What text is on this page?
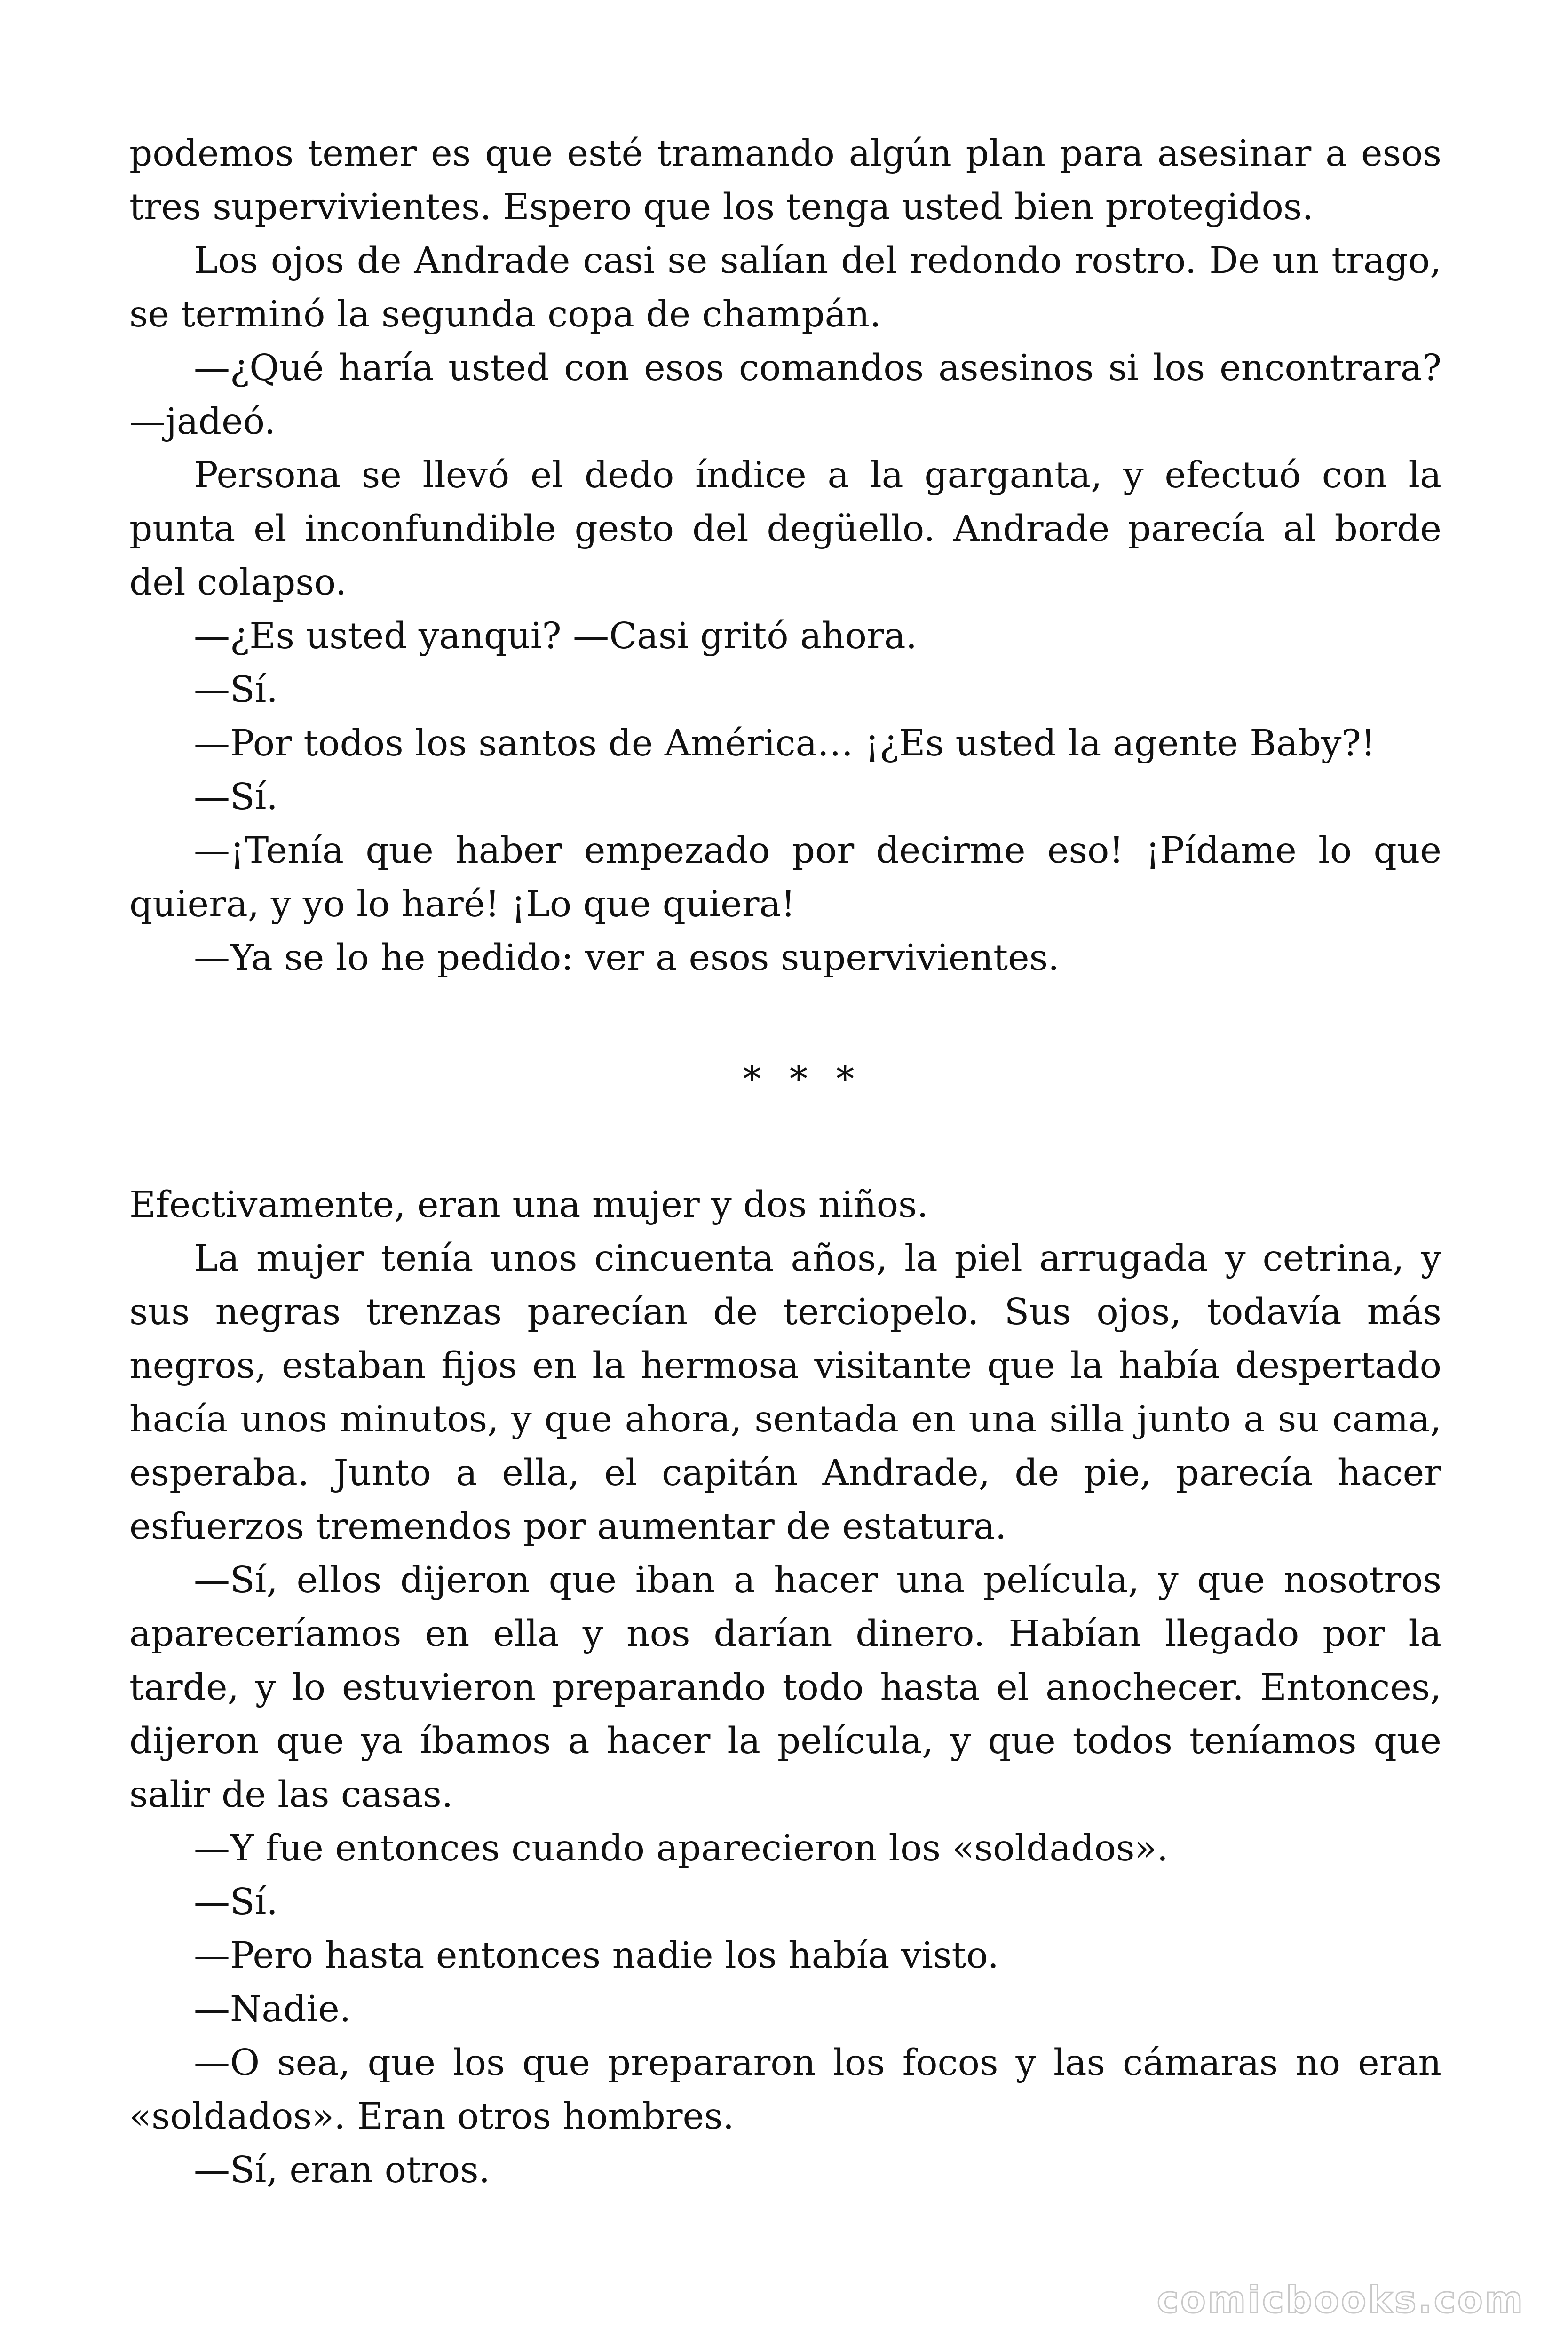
podemos temer es que esté tramando algún plan para asesinar a esos tres supervivientes. Espero que los tenga usted bien protegidos.

Los ojos de Andrade casi se salían del redondo rostro. De un trago, se terminó la segunda copa de champán.

—¿Qué haría usted con esos comandos asesinos si los encontrara? —jadeó.

Persona se llevó el dedo índice a la garganta, y efectuó con la punta el inconfundible gesto del degüello. Andrade parecía al borde del colapso.

—¿Es usted yanqui? —Casi gritó ahora.

—Sí.

—Por todos los santos de América… ¡¿Es usted la agente Baby?!

—Sí.

—¡Tenía que haber empezado por decirme eso! ¡Pídame lo que quiera, y yo lo haré! ¡Lo que quiera!

—Ya se lo he pedido: ver a esos supervivientes.

* * *

Efectivamente, eran una mujer y dos niños.

La mujer tenía unos cincuenta años, la piel arrugada y cetrina, y sus negras trenzas parecían de terciopelo. Sus ojos, todavía más negros, estaban fijos en la hermosa visitante que la había despertado hacía unos minutos, y que ahora, sentada en una silla junto a su cama, esperaba. Junto a ella, el capitán Andrade, de pie, parecía hacer esfuerzos tremendos por aumentar de estatura.

—Sí, ellos dijeron que iban a hacer una película, y que nosotros apareceríamos en ella y nos darían dinero. Habían llegado por la tarde, y lo estuvieron preparando todo hasta el anochecer. Entonces, dijeron que ya íbamos a hacer la película, y que todos teníamos que salir de las casas.

—Y fue entonces cuando aparecieron los «soldados».

—Sí.

—Pero hasta entonces nadie los había visto.

—Nadie.

—O sea, que los que prepararon los focos y las cámaras no eran «soldados». Eran otros hombres.

—Sí, eran otros.

comicbooks.com
